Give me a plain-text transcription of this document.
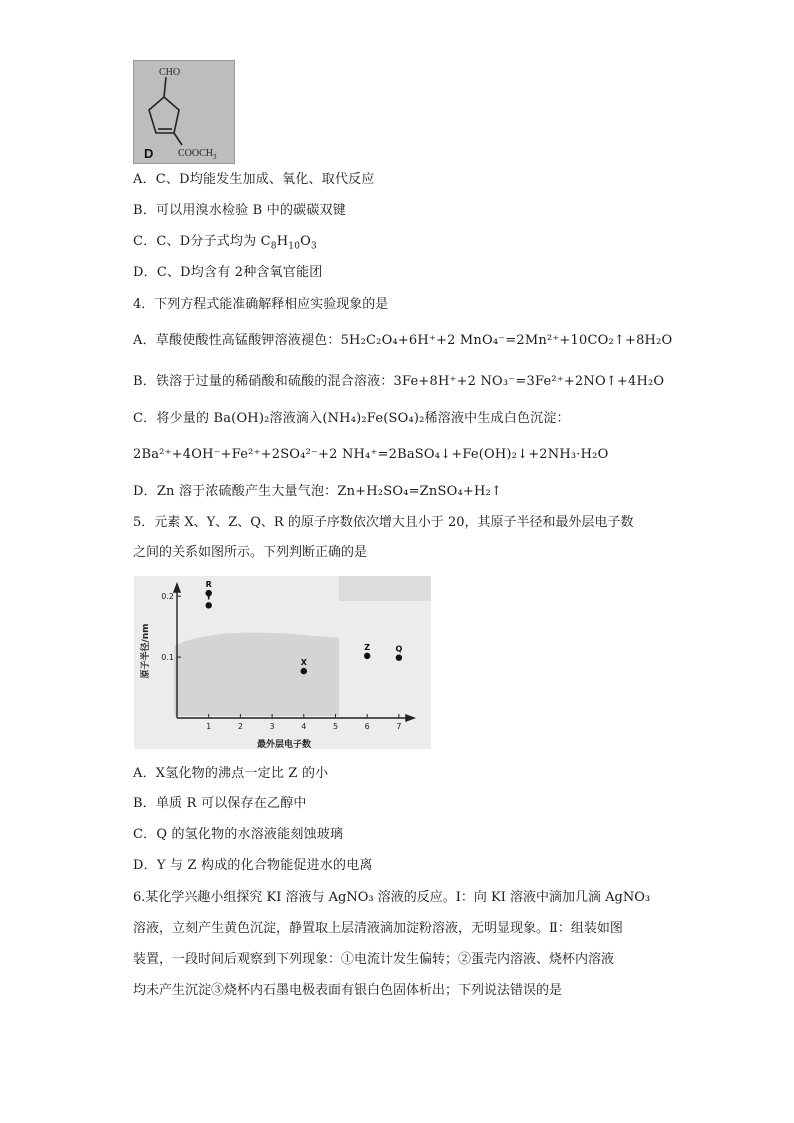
CHO
$COOCH_3$
D
A．C、D均能发生加成、氧化、取代反应
B．可以用溴水检验 B 中的碳碳双键
C．C、D分子式均为 $C_8H_{10}O_3$
D．C、D均含有 2种含氧官能团
4．下列方程式能准确解释相应实验现象的是
A．草酸使酸性高锰酸钾溶液褪色：5H₂C₂O₄+6H⁺+2 MnO₄⁻=2Mn²⁺+10CO₂↑+8H₂O
B．铁溶于过量的稀硝酸和硫酸的混合溶液：3Fe+8H⁺+2 NO₃⁻=3Fe²⁺+2NO↑+4H₂O
C．将少量的 Ba(OH)₂溶液滴入(NH₄)₂Fe(SO₄)₂稀溶液中生成白色沉淀：
2Ba²⁺+4OH⁻+Fe²⁺+2SO₄²⁻+2 NH₄⁺=2BaSO₄↓+Fe(OH)₂↓+2NH₃·H₂O
D．Zn 溶于浓硫酸产生大量气泡：Zn+H₂SO₄=ZnSO₄+H₂↑
5．元素 X、Y、Z、Q、R 的原子序数依次增大且小于 20，其原子半径和最外层电子数
之间的关系如图所示。下列判断正确的是
1	2	3	4	5	6	7
0.1
0.2
R
Y
X
Z	Q
最外层电子数
原子半径/nm
A．X氢化物的沸点一定比 Z 的小
B．单质 R 可以保存在乙醇中
C．Q 的氢化物的水溶液能刻蚀玻璃
D．Y 与 Z 构成的化合物能促进水的电离
6.某化学兴趣小组探究 KI 溶液与 AgNO₃ 溶液的反应。Ⅰ：向 KI 溶液中滴加几滴 AgNO₃
溶液，立刻产生黄色沉淀，静置取上层清液滴加淀粉溶液，无明显现象。Ⅱ：组装如图
装置，一段时间后观察到下列现象：①电流计发生偏转；②蛋壳内溶液、烧杯内溶液
均未产生沉淀③烧杯内石墨电极表面有银白色固体析出；下列说法错误的是
